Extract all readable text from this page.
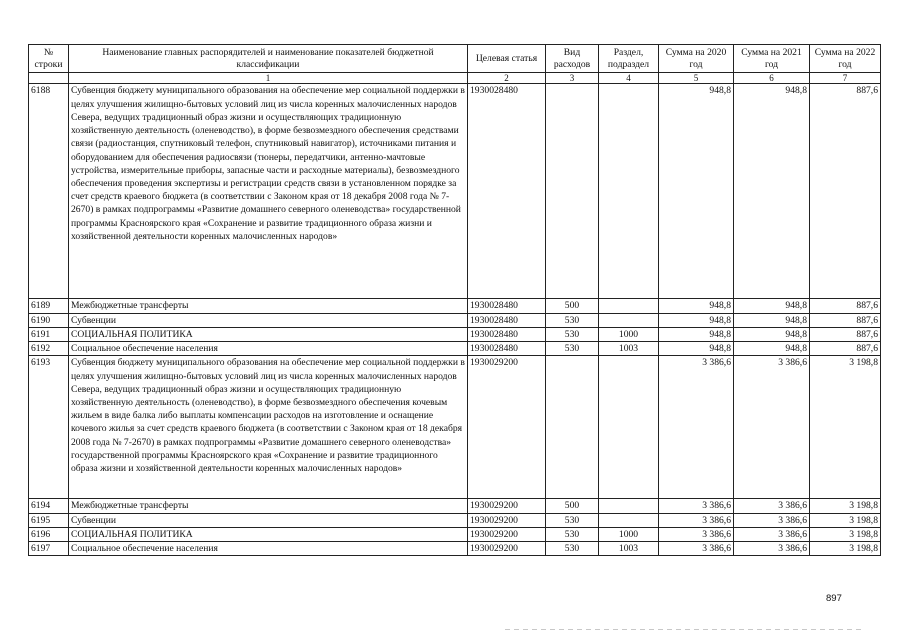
№ строки	Наименование главных распорядителей и наименование показателей бюджетной классификации	Целевая статья	Вид расходов	Раздел, подраздел	Сумма на 2020 год	Сумма на 2021 год	Сумма на 2022 год
	1	2	3	4	5	6	7
6188	Субвенция бюджету муниципального образования на обеспечение мер социальной поддержки в целях улучшения жилищно-бытовых условий лиц из числа коренных малочисленных народов Севера, ведущих традиционный образ жизни и осуществляющих традиционную хозяйственную деятельность (оленеводство), в форме безвозмездного обеспечения средствами связи (радиостанция, спутниковый телефон, спутниковый навигатор), источниками питания и оборудованием для обеспечения радиосвязи (тюнеры, передатчики, антенно-мачтовые устройства, измерительные приборы, запасные части и расходные материалы), безвозмездного обеспечения проведения экспертизы и регистрации средств связи в установленном порядке за счет средств краевого бюджета (в соответствии с Законом края от 18 декабря 2008 года № 7-2670) в рамках подпрограммы «Развитие домашнего северного оленеводства» государственной программы Красноярского края «Сохранение и развитие традиционного образа жизни и хозяйственной деятельности коренных малочисленных народов»	1930028480			948,8	948,8	887,6
6189	Межбюджетные трансферты	1930028480	500		948,8	948,8	887,6
6190	Субвенции	1930028480	530		948,8	948,8	887,6
6191	СОЦИАЛЬНАЯ ПОЛИТИКА	1930028480	530	1000	948,8	948,8	887,6
6192	Социальное обеспечение населения	1930028480	530	1003	948,8	948,8	887,6
6193	Субвенция бюджету муниципального образования на обеспечение мер социальной поддержки в целях улучшения жилищно-бытовых условий лиц из числа коренных малочисленных народов Севера, ведущих традиционный образ жизни и осуществляющих традиционную хозяйственную деятельность (оленеводство), в форме безвозмездного обеспечения кочевым жильем в виде балка либо выплаты компенсации расходов на изготовление и оснащение кочевого жилья за счет средств краевого бюджета (в соответствии с Законом края от 18 декабря 2008 года № 7-2670) в рамках подпрограммы «Развитие домашнего северного оленеводства» государственной программы Красноярского края «Сохранение и развитие традиционного образа жизни и хозяйственной деятельности коренных малочисленных народов»	1930029200			3 386,6	3 386,6	3 198,8
6194	Межбюджетные трансферты	1930029200	500		3 386,6	3 386,6	3 198,8
6195	Субвенции	1930029200	530		3 386,6	3 386,6	3 198,8
6196	СОЦИАЛЬНАЯ ПОЛИТИКА	1930029200	530	1000	3 386,6	3 386,6	3 198,8
6197	Социальное обеспечение населения	1930029200	530	1003	3 386,6	3 386,6	3 198,8
897
